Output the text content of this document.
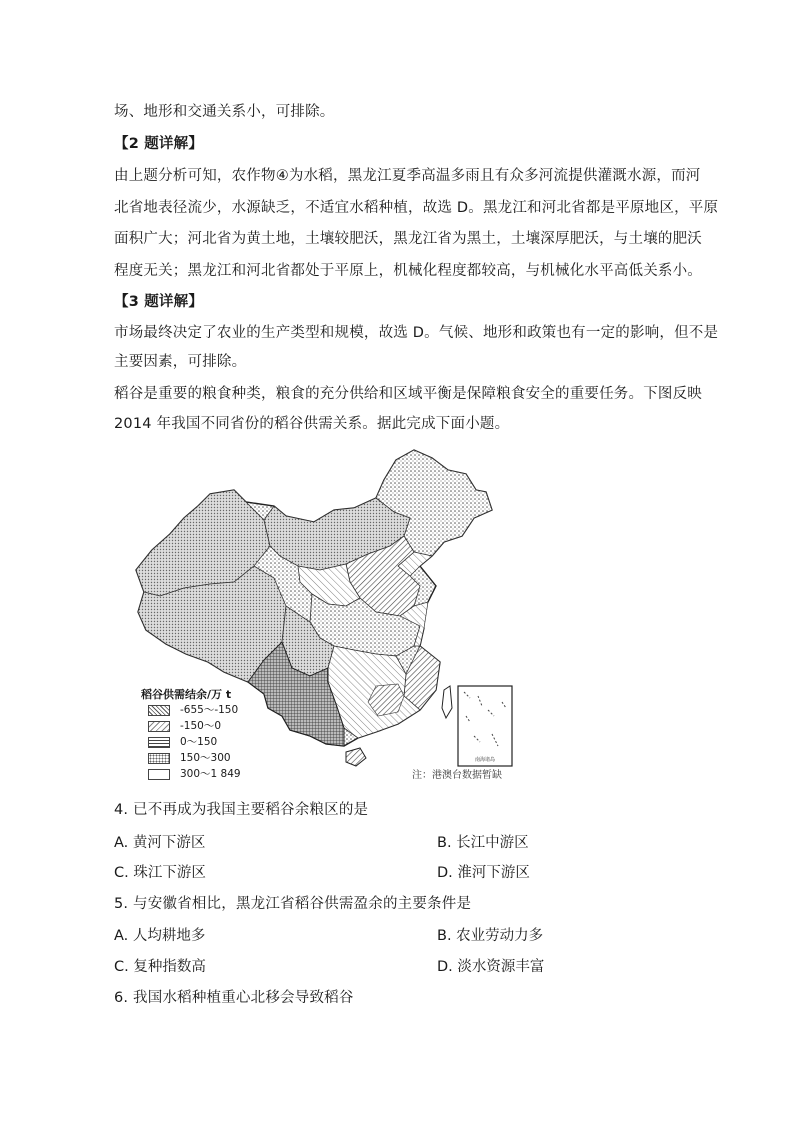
场、地形和交通关系小，可排除。
【2 题详解】
由上题分析可知，农作物④为水稻，黑龙江夏季高温多雨且有众多河流提供灌溉水源，而河
北省地表径流少，水源缺乏，不适宜水稻种植，故选 D。黑龙江和河北省都是平原地区，平原
面积广大；河北省为黄土地，土壤较肥沃，黑龙江省为黑土，土壤深厚肥沃，与土壤的肥沃
程度无关；黑龙江和河北省都处于平原上，机械化程度都较高，与机械化水平高低关系小。
【3 题详解】
市场最终决定了农业的生产类型和规模，故选 D。气候、地形和政策也有一定的影响，但不是
主要因素，可排除。
稻谷是重要的粮食种类，粮食的充分供给和区域平衡是保障粮食安全的重要任务。下图反映
2014 年我国不同省份的稻谷供需关系。据此完成下面小题。
南海诸岛
稻谷供需结余/万 t
-655～-150
-150～0
0～150
150～300
300～1 849	注：港澳台数据暂缺
4. 已不再成为我国主要稻谷余粮区的是
A. 黄河下游区	B. 长江中游区
C. 珠江下游区	D. 淮河下游区
5. 与安徽省相比，黑龙江省稻谷供需盈余的主要条件是
A. 人均耕地多	B. 农业劳动力多
C. 复种指数高	D. 淡水资源丰富
6. 我国水稻种植重心北移会导致稻谷
